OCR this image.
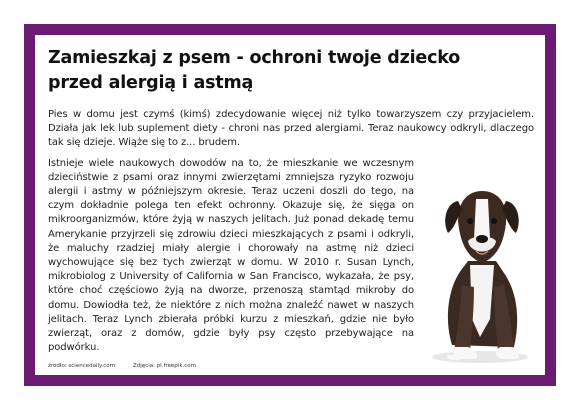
Zamieszkaj z psem - ochroni twoje dziecko przed alergią i astmą

Pies w domu jest czymś (kimś) zdecydowanie więcej niż tylko towarzyszem czy przyjacielem. Działa jak lek lub suplement diety - chroni nas przed alergiami. Teraz naukowcy odkryli, dlaczego tak się dzieje. Wiąże się to z... brudem.

Istnieje wiele naukowych dowodów na to, że mieszkanie we wczesnym dzieciństwie z psami oraz innymi zwierzętami zmniejsza ryzyko rozwoju alergii i astmy w późniejszym okresie. Teraz uczeni doszli do tego, na czym dokładnie polega ten efekt ochronny. Okazuje się, że sięga on mikroorganizmów, które żyją w naszych jelitach. Już ponad dekadę temu Amerykanie przyjrzeli się zdrowiu dzieci mieszkających z psami i odkryli, że maluchy rzadziej miały alergie i chorowały na astmę niż dzieci wychowujące się bez tych zwierząt w domu. W 2010 r. Susan Lynch, mikrobiolog z University of California w San Francisco, wykazała, że psy, które choć częściowo żyją na dworze, przenoszą stamtąd mikroby do domu. Dowiodła też, że niektóre z nich można znaleźć nawet w naszych jelitach. Teraz Lynch zbierała próbki kurzu z mieszkań, gdzie nie było zwierząt, oraz z domów, gdzie były psy często przebywające na podwórku.

źródło: sciencedaily.com	Zdjęcia: pl.freepik.com
